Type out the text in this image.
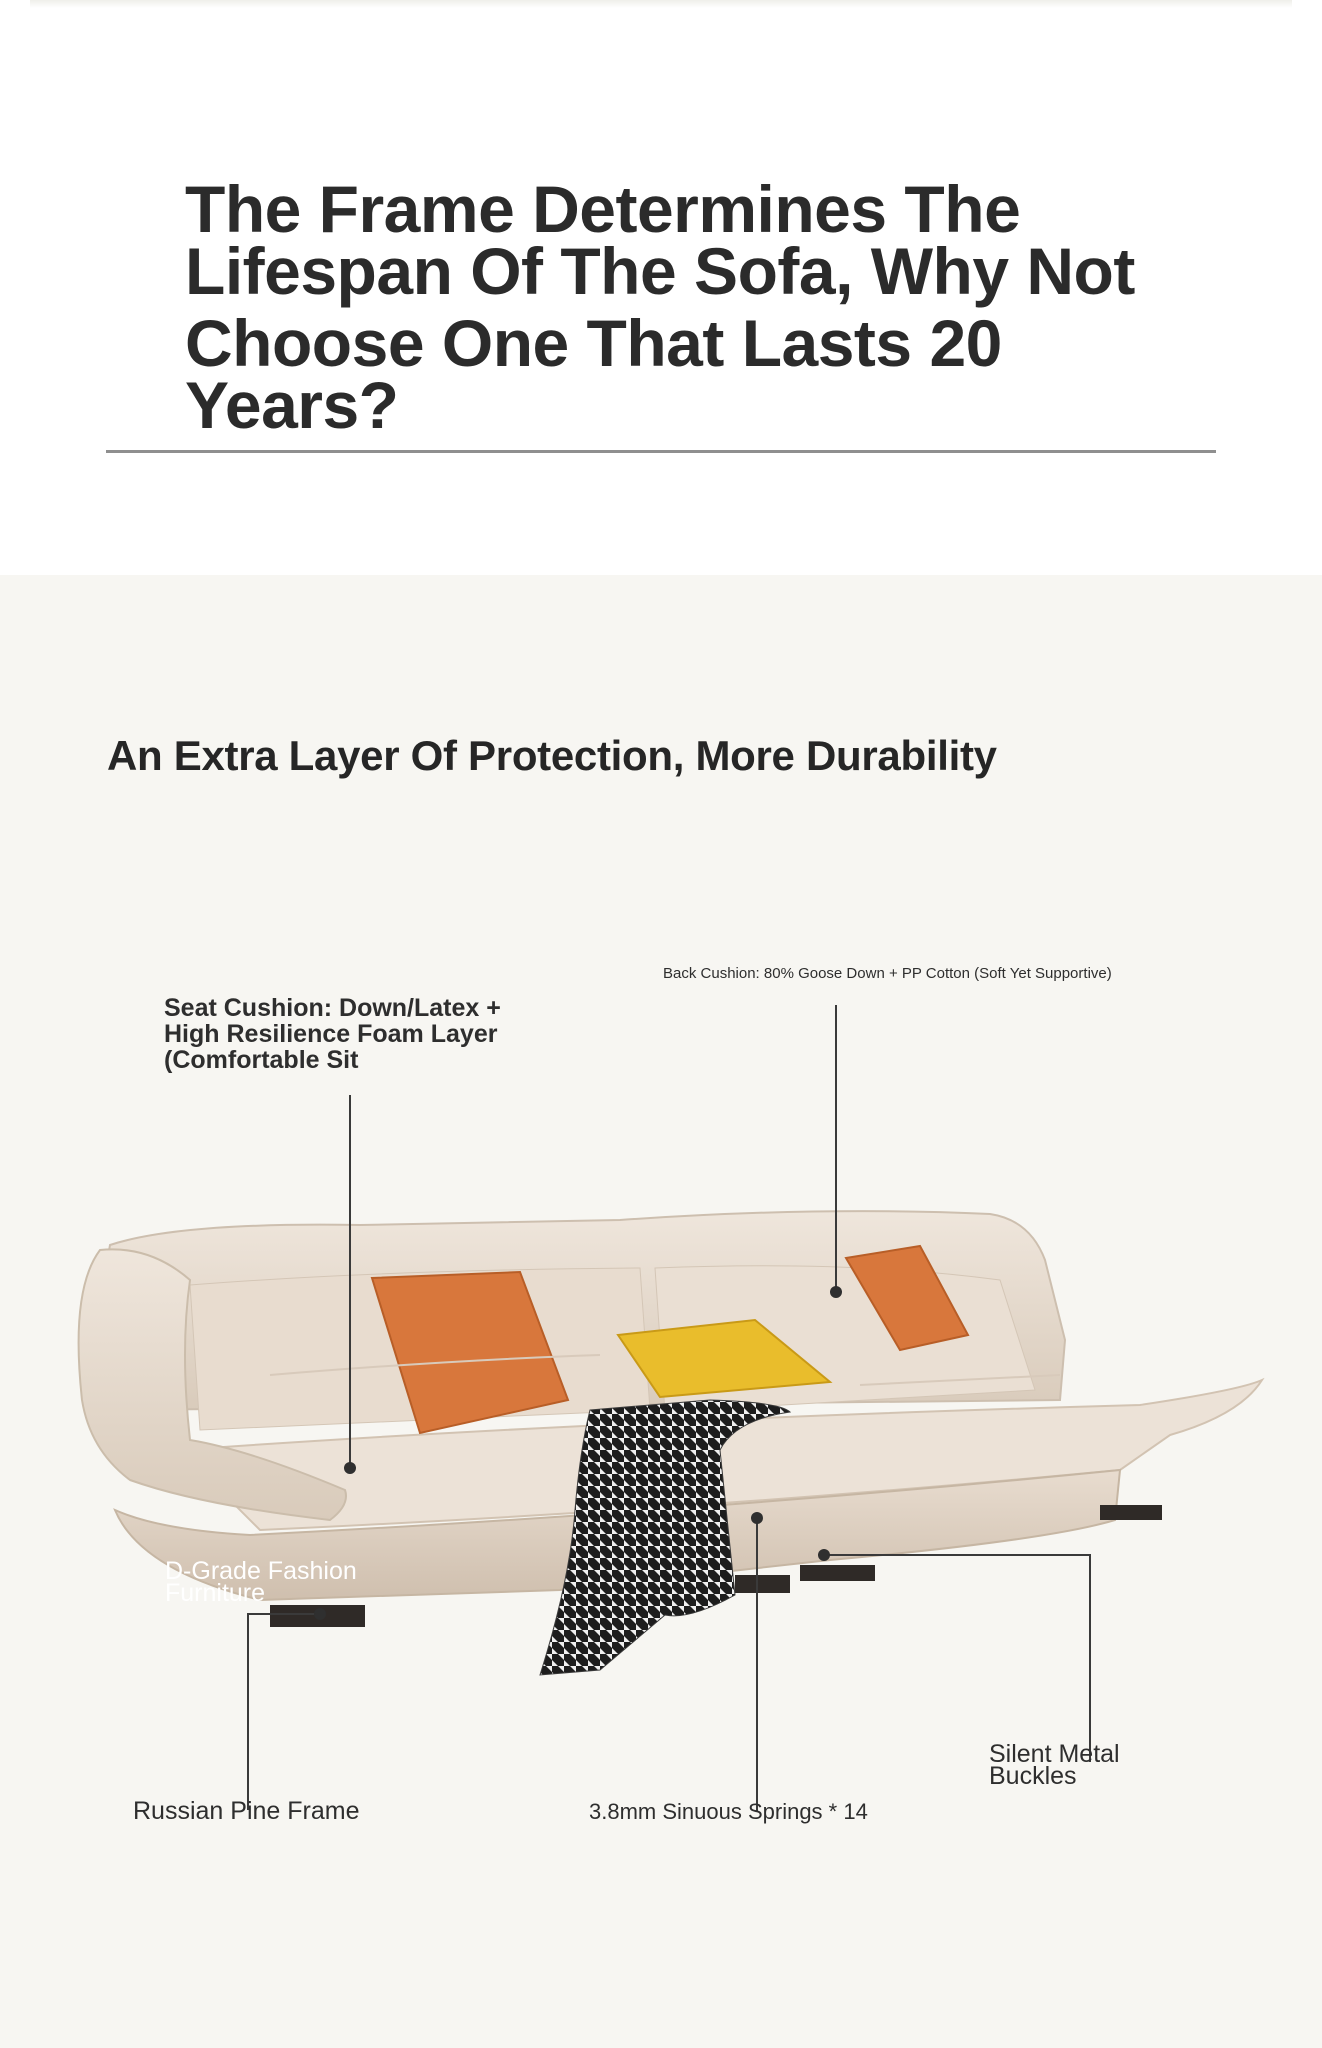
The Frame Determines The
Lifespan Of The Sofa, Why Not
Choose One That Lasts 20
Years?
An Extra Layer Of Protection, More Durability

Seat Cushion: Down/Latex + High Resilience Foam Layer (Comfortable Sit

Back Cushion: 80% Goose Down + PP Cotton (Soft Yet Supportive)

D-Grade Fashion Furniture

Russian Pine Frame	3.8mm Sinuous Springs * 14

Silent Metal Buckles
